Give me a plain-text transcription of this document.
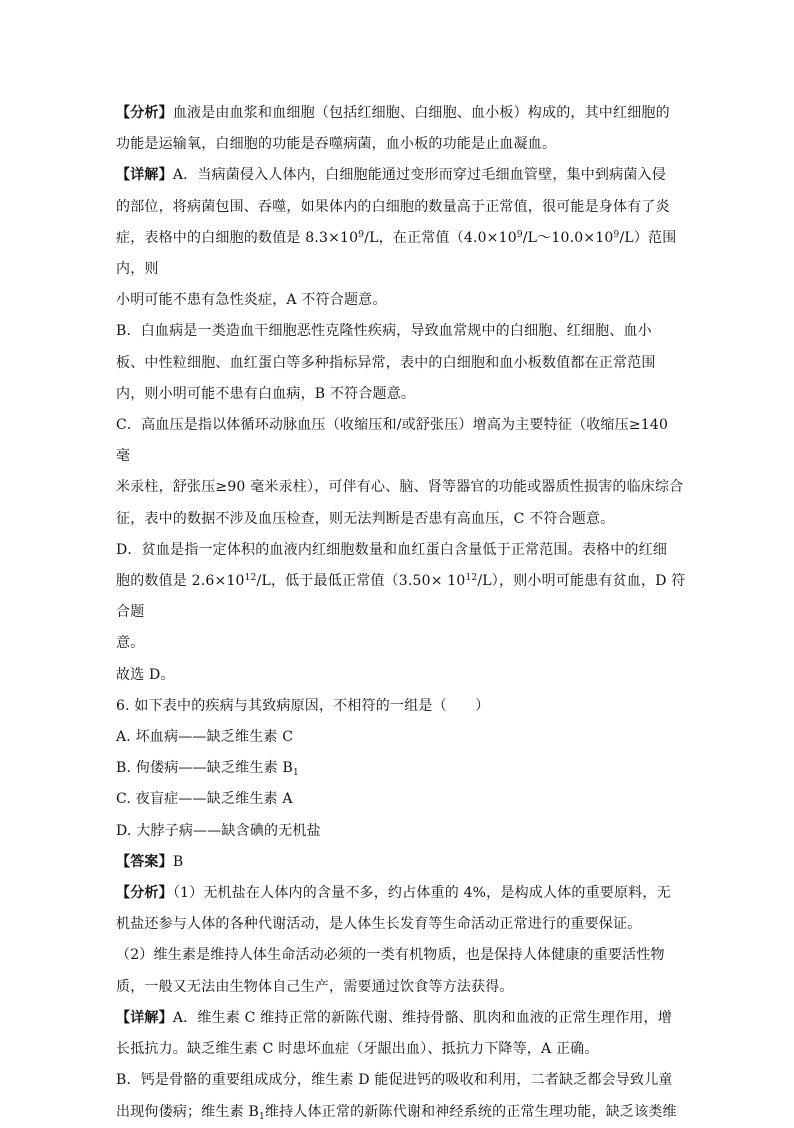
【分析】血液是由血浆和血细胞（包括红细胞、白细胞、血小板）构成的，其中红细胞的

功能是运输氧，白细胞的功能是吞噬病菌，血小板的功能是止血凝血。

【详解】A．当病菌侵入人体内，白细胞能通过变形而穿过毛细血管壁，集中到病菌入侵

的部位，将病菌包围、吞噬，如果体内的白细胞的数量高于正常值，很可能是身体有了炎

症，表格中的白细胞的数值是 $8.3\times 10^9/L$，在正常值$(4.0\times 10^9/L\sim 10.0\times 10^9/L)$范围内，则

小明可能不患有急性炎症，A 不符合题意。

B．白血病是一类造血干细胞恶性克隆性疾病，导致血常规中的白细胞、红细胞、血小

板、中性粒细胞、血红蛋白等多种指标异常，表中的白细胞和血小板数值都在正常范围

内，则小明可能不患有白血病，B 不符合题意。

C．高血压是指以体循环动脉血压（收缩压和/或舒张压）增高为主要特征（收缩压≥140 毫

米汞柱，舒张压≥90 毫米汞柱），可伴有心、脑、肾等器官的功能或器质性损害的临床综合

征，表中的数据不涉及血压检查，则无法判断是否患有高血压，C 不符合题意。

D．贫血是指一定体积的血液内红细胞数量和血红蛋白含量低于正常范围。表格中的红细

胞的数值是 $2.6\times 10^{12}/L$，低于最低正常值$(3.50\times 10^{12}/L)$，则小明可能患有贫血，D 符合题

意。

故选 D。

6. 如下表中的疾病与其致病原因，不相符的一组是（　　）

A. 坏血病——缺乏维生素 C

B. 佝偻病——缺乏维生素 $B_1$

C. 夜盲症——缺乏维生素 A

D. 大脖子病——缺含碘的无机盐

【答案】B

【分析】（1）无机盐在人体内的含量不多，约占体重的 4%，是构成人体的重要原料，无

机盐还参与人体的各种代谢活动，是人体生长发育等生命活动正常进行的重要保证。

（2）维生素是维持人体生命活动必须的一类有机物质，也是保持人体健康的重要活性物

质，一般又无法由生物体自己生产，需要通过饮食等方法获得。

【详解】A．维生素 C 维持正常的新陈代谢、维持骨骼、肌肉和血液的正常生理作用，增

长抵抗力。缺乏维生素 C 时患坏血症（牙龈出血）、抵抗力下降等，A 正确。

B．钙是骨骼的重要组成成分，维生素 D 能促进钙的吸收和利用，二者缺乏都会导致儿童

出现佝偻病；维生素 $B_1$维持人体正常的新陈代谢和神经系统的正常生理功能，缺乏该类维
